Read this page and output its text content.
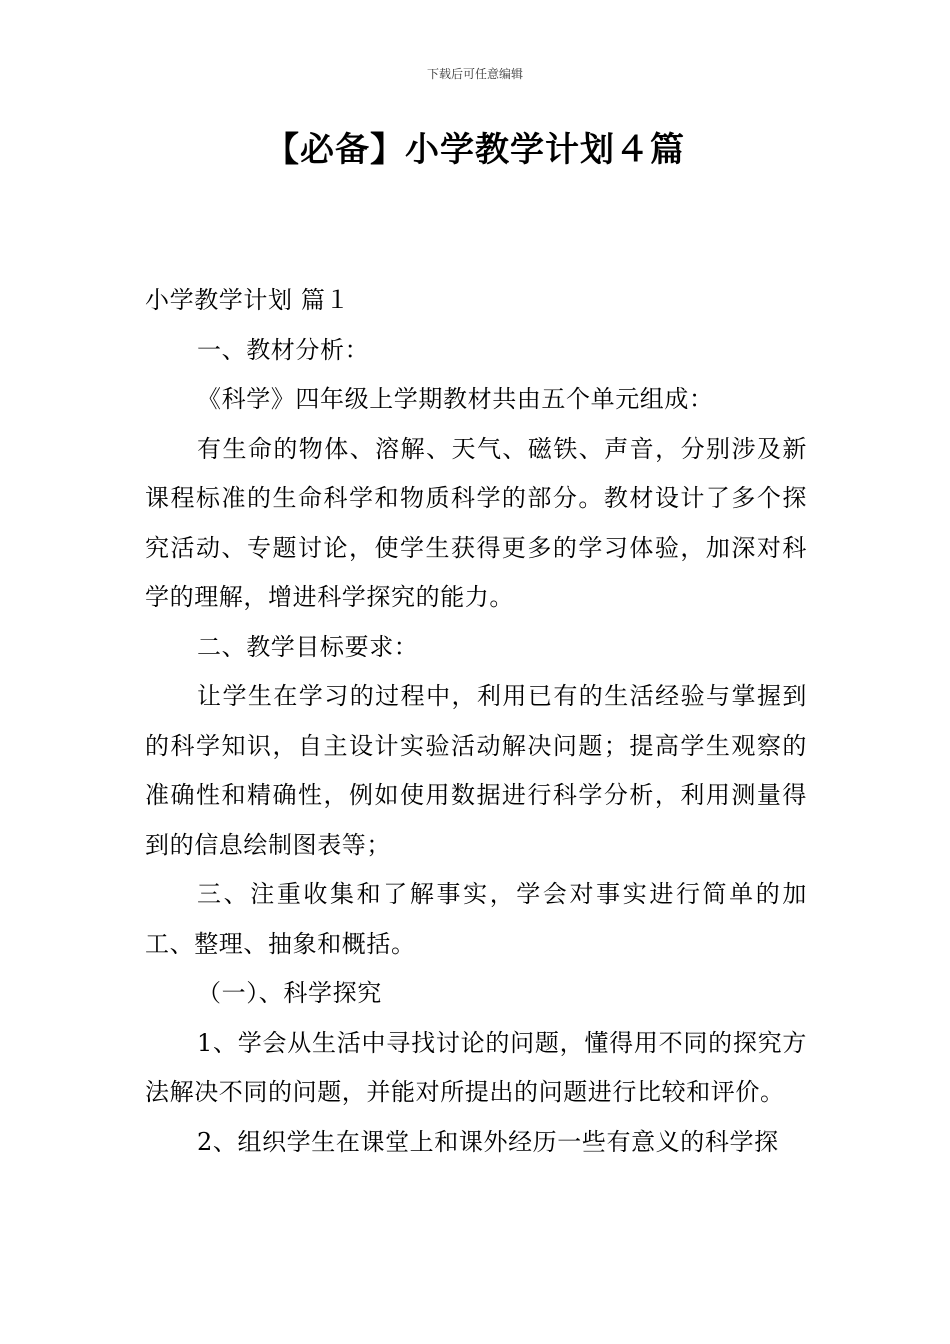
下载后可任意编辑
【必备】小学教学计划４篇

小学教学计划 篇１

一、教材分析：

《科学》四年级上学期教材共由五个单元组成：

有生命的物体、溶解、天气、磁铁、声音，分别涉及新课程标准的生命科学和物质科学的部分。教材设计了多个探究活动、专题讨论，使学生获得更多的学习体验，加深对科学的理解，增进科学探究的能力。

二、教学目标要求：

让学生在学习的过程中，利用已有的生活经验与掌握到的科学知识，自主设计实验活动解决问题；提高学生观察的准确性和精确性，例如使用数据进行科学分析，利用测量得到的信息绘制图表等；

三、注重收集和了解事实，学会对事实进行简单的加工、整理、抽象和概括。

（一）、科学探究

1、学会从生活中寻找讨论的问题，懂得用不同的探究方法解决不同的问题，并能对所提出的问题进行比较和评价。

2、组织学生在课堂上和课外经历一些有意义的科学探
